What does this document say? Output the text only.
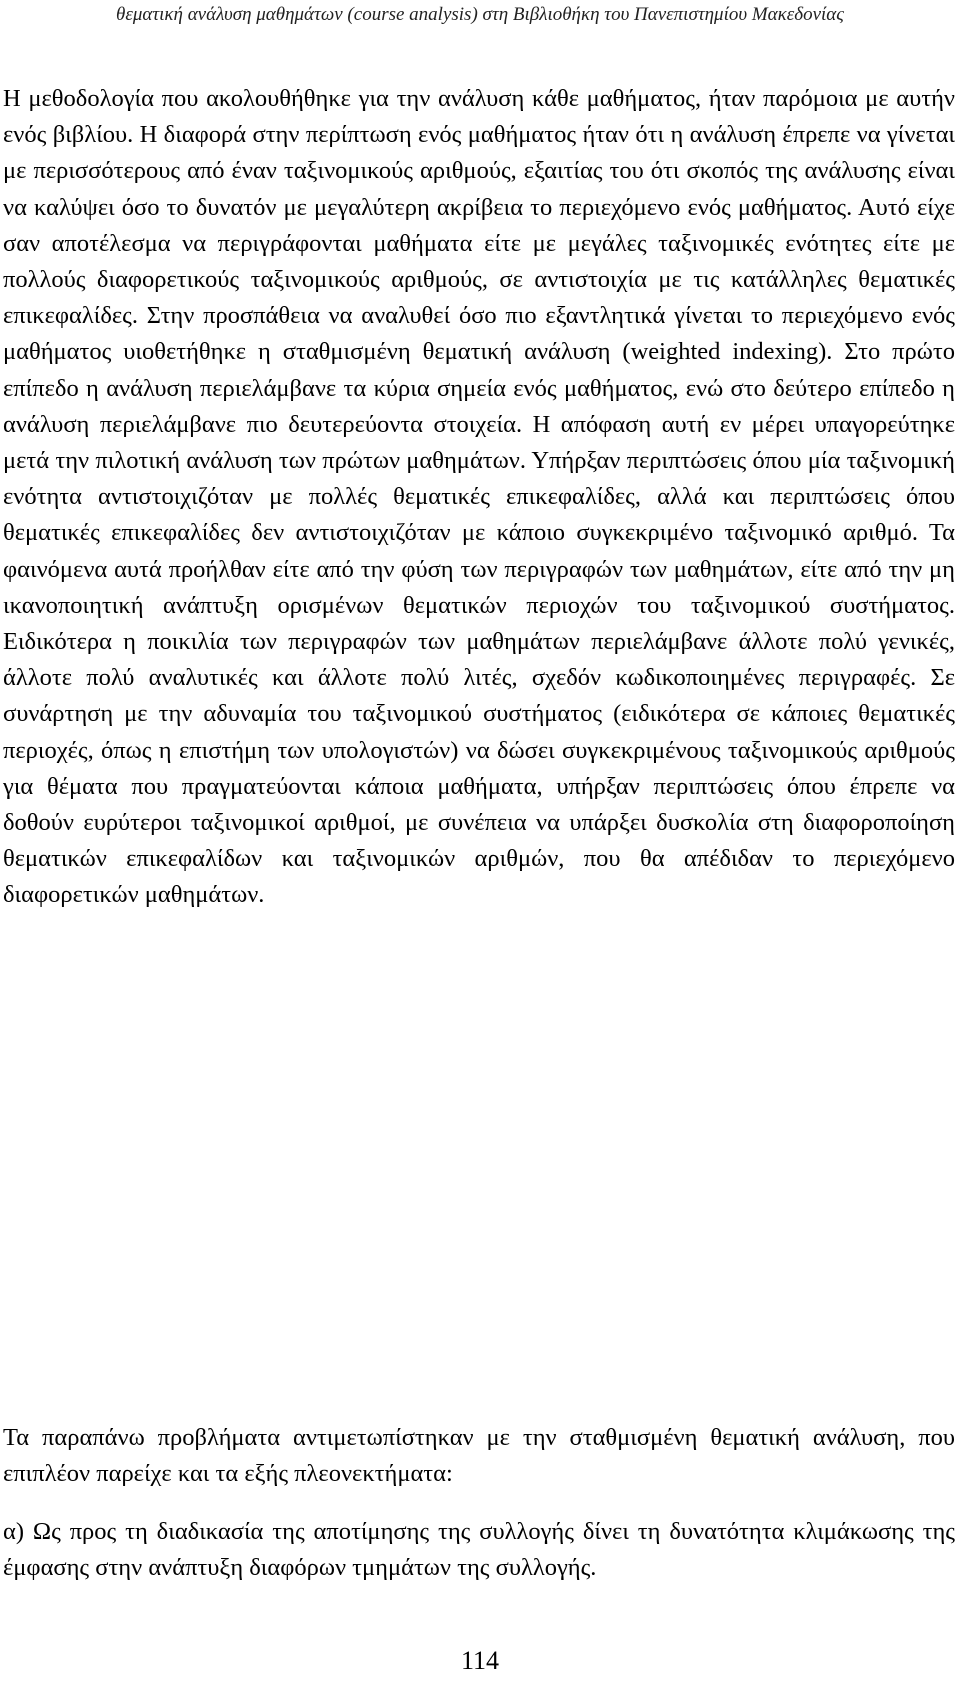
θεματική ανάλυση μαθημάτων (course analysis) στη Βιβλιοθήκη του Πανεπιστημίου Μακεδονίας

Η μεθοδολογία που ακολουθήθηκε για την ανάλυση κάθε μαθήματος, ήταν παρόμοια με αυτήν ενός βιβλίου. Η διαφορά στην περίπτωση ενός μαθήματος ήταν ότι η ανάλυση έπρεπε να γίνεται με περισσότερους από έναν ταξινομικούς αριθμούς, εξαιτίας του ότι σκοπός της ανάλυσης είναι να καλύψει όσο το δυνατόν με μεγαλύτερη ακρίβεια το περιεχόμενο ενός μαθήματος. Αυτό είχε σαν αποτέλεσμα να περιγράφονται μαθήματα είτε με μεγάλες ταξινομικές ενότητες είτε με πολλούς διαφορετικούς ταξινομικούς αριθμούς, σε αντιστοιχία με τις κατάλληλες θεματικές επικεφαλίδες. Στην προσπάθεια να αναλυθεί όσο πιο εξαντλητικά γίνεται το περιεχόμενο ενός μαθήματος υιοθετήθηκε η σταθμισμένη θεματική ανάλυση (weighted indexing). Στο πρώτο επίπεδο η ανάλυση περιελάμβανε τα κύρια σημεία ενός μαθήματος, ενώ στο δεύτερο επίπεδο η ανάλυση περιελάμβανε πιο δευτερεύοντα στοιχεία. Η απόφαση αυτή εν μέρει υπαγορεύτηκε μετά την πιλοτική ανάλυση των πρώτων μαθημάτων. Υπήρξαν περιπτώσεις όπου μία ταξινομική ενότητα αντιστοιχιζόταν με πολλές θεματικές επικεφαλίδες, αλλά και περιπτώσεις όπου θεματικές επικεφαλίδες δεν αντιστοιχιζόταν με κάποιο συγκεκριμένο ταξινομικό αριθμό. Τα φαινόμενα αυτά προήλθαν είτε από την φύση των περιγραφών των μαθημάτων, είτε από την μη ικανοποιητική ανάπτυξη ορισμένων θεματικών περιοχών του ταξινομικού συστήματος. Ειδικότερα η ποικιλία των περιγραφών των μαθημάτων περιελάμβανε άλλοτε πολύ γενικές, άλλοτε πολύ αναλυτικές και άλλοτε πολύ λιτές, σχεδόν κωδικοποιημένες περιγραφές. Σε συνάρτηση με την αδυναμία του ταξινομικού συστήματος (ειδικότερα σε κάποιες θεματικές περιοχές, όπως η επιστήμη των υπολογιστών) να δώσει συγκεκριμένους ταξινομικούς αριθμούς για θέματα που πραγματεύονται κάποια μαθήματα, υπήρξαν περιπτώσεις όπου έπρεπε να δοθούν ευρύτεροι ταξινομικοί αριθμοί, με συνέπεια να υπάρξει δυσκολία στη διαφοροποίηση θεματικών επικεφαλίδων και ταξινομικών αριθμών, που θα απέδιδαν το περιεχόμενο διαφορετικών μαθημάτων.

Τα παραπάνω προβλήματα αντιμετωπίστηκαν με την σταθμισμένη θεματική ανάλυση, που επιπλέον παρείχε και τα εξής πλεονεκτήματα:

α) Ως προς τη διαδικασία της αποτίμησης της συλλογής δίνει τη δυνατότητα κλιμάκωσης της έμφασης στην ανάπτυξη διαφόρων τμημάτων της συλλογής.

114
